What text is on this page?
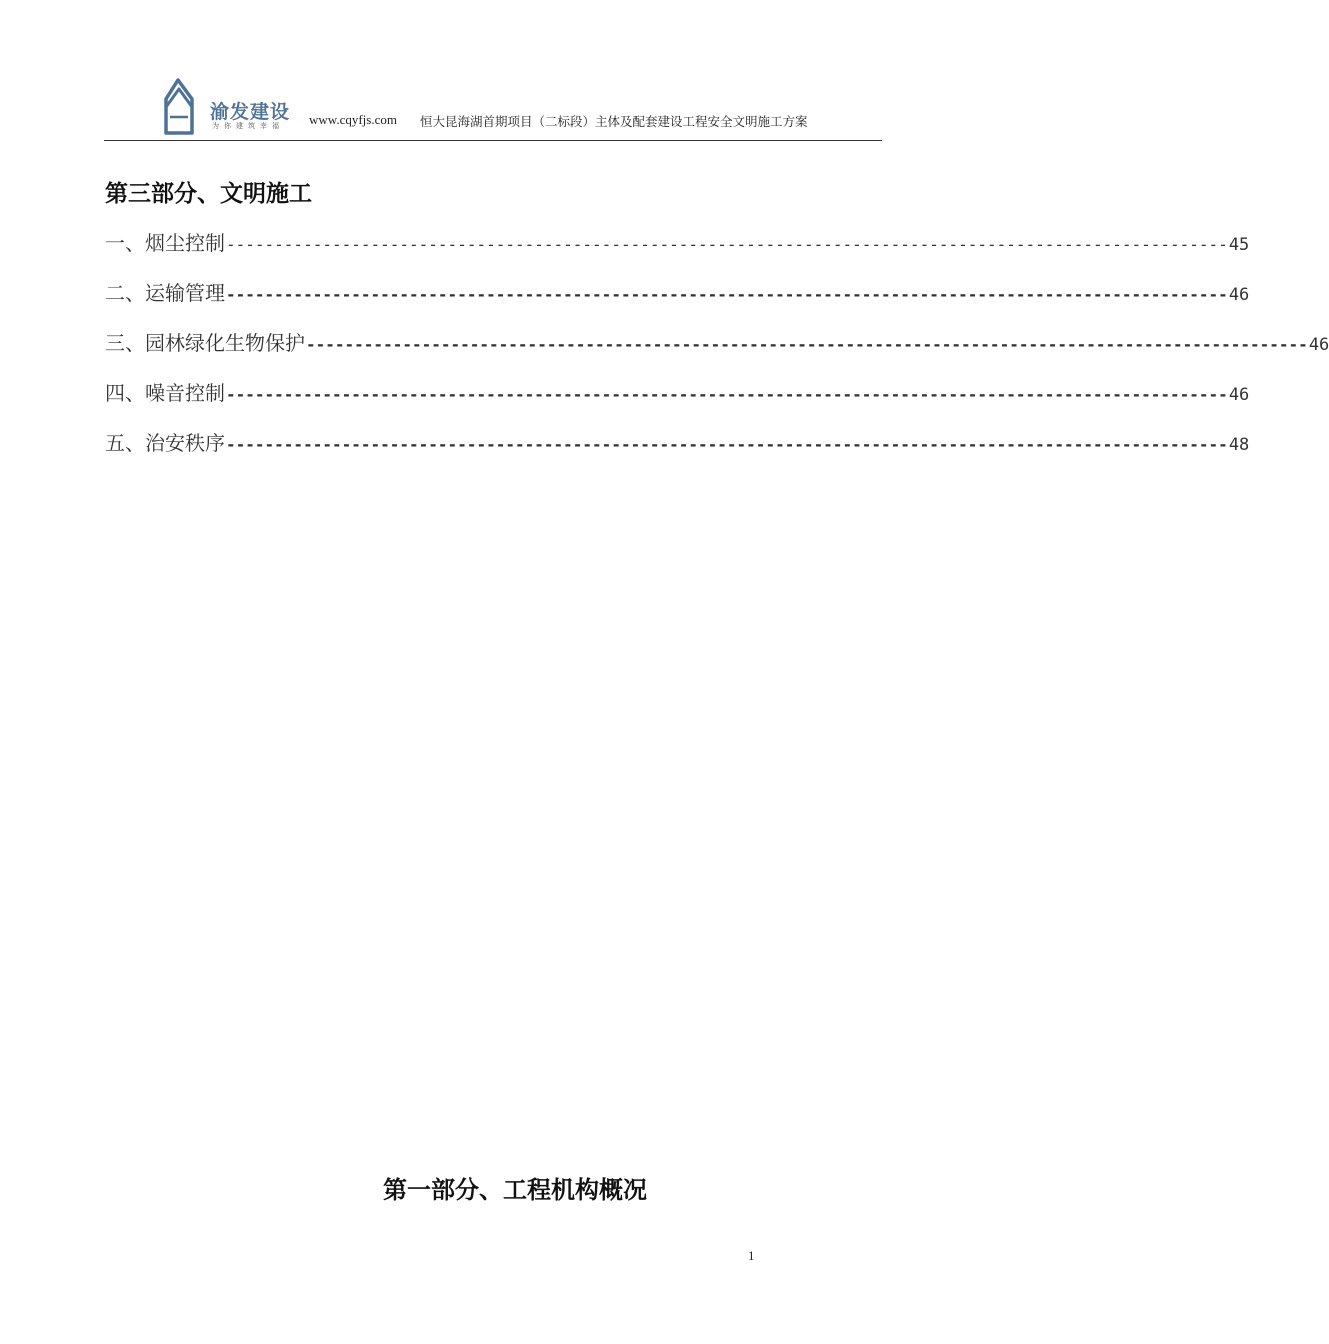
渝发建设
为你建筑幸福 www.cqyfjs.com 恒大昆海湖首期项目（二标段）主体及配套建设工程安全文明施工方案
第三部分、文明施工
一、烟尘控制 -------------------------------------------------------------------------------------------------------- 45
二、运输管理 -------------------------------------------------------------------------------------------------------- 46
三、园林绿化生物保护 -------------------------------------------------------------------------------------------------------- 46
四、噪音控制 -------------------------------------------------------------------------------------------------------- 46
五、治安秩序 -------------------------------------------------------------------------------------------------------- 48
第一部分、工程机构概况
1
